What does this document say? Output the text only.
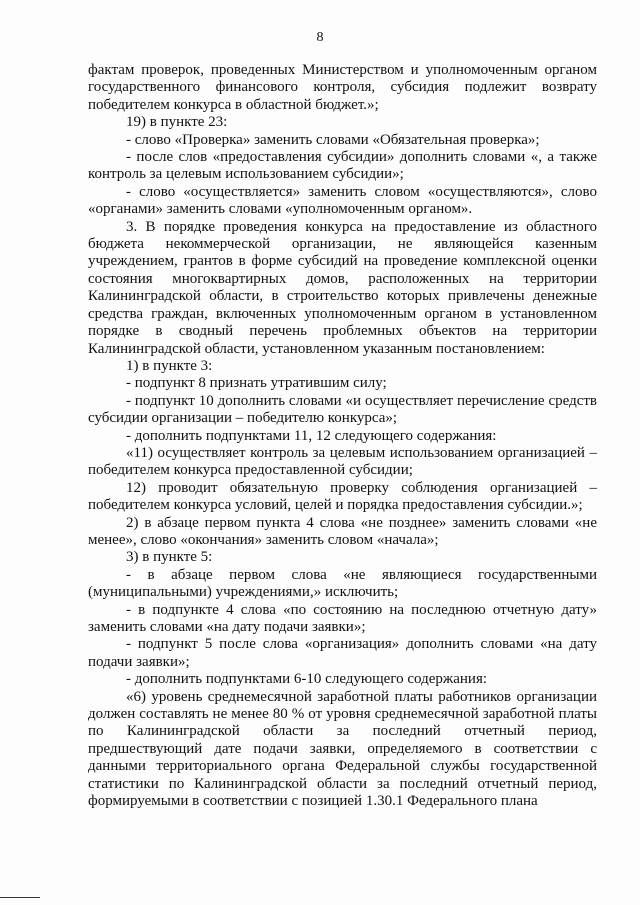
8

фактам проверок, проведенных Министерством и уполномоченным органом государственного финансового контроля, субсидия подлежит возврату победителем конкурса в областной бюджет.»;

19) в пункте 23:

- слово «Проверка» заменить словами «Обязательная проверка»;

- после слов «предоставления субсидии» дополнить словами «, а также контроль за целевым использованием субсидии»;

- слово «осуществляется» заменить словом «осуществляются», слово «органами» заменить словами «уполномоченным органом».

3. В порядке проведения конкурса на предоставление из областного бюджета некоммерческой организации, не являющейся казенным учреждением, грантов в форме субсидий на проведение комплексной оценки состояния многоквартирных домов, расположенных на территории Калининградской области, в строительство которых привлечены денежные средства граждан, включенных уполномоченным органом в установленном порядке в сводный перечень проблемных объектов на территории Калининградской области, установленном указанным постановлением:

1) в пункте 3:

- подпункт 8 признать утратившим силу;

- подпункт 10 дополнить словами «и осуществляет перечисление средств субсидии организации – победителю конкурса»;

- дополнить подпунктами 11, 12 следующего содержания:

«11) осуществляет контроль за целевым использованием организацией – победителем конкурса предоставленной субсидии;

12) проводит обязательную проверку соблюдения организацией – победителем конкурса условий, целей и порядка предоставления субсидии.»;

2) в абзаце первом пункта 4 слова «не позднее» заменить словами «не менее», слово «окончания» заменить словом «начала»;

3) в пункте 5:

- в абзаце первом слова «не являющиеся государственными (муниципальными) учреждениями,» исключить;

- в подпункте 4 слова «по состоянию на последнюю отчетную дату» заменить словами «на дату подачи заявки»;

- подпункт 5 после слова «организация» дополнить словами «на дату подачи заявки»;

- дополнить подпунктами 6-10 следующего содержания:

«6) уровень среднемесячной заработной платы работников организации должен составлять не менее 80 % от уровня среднемесячной заработной платы по Калининградской области за последний отчетный период, предшествующий дате подачи заявки, определяемого в соответствии с данными территориального органа Федеральной службы государственной статистики по Калининградской области за последний отчетный период, формируемыми в соответствии с позицией 1.30.1 Федерального плана
